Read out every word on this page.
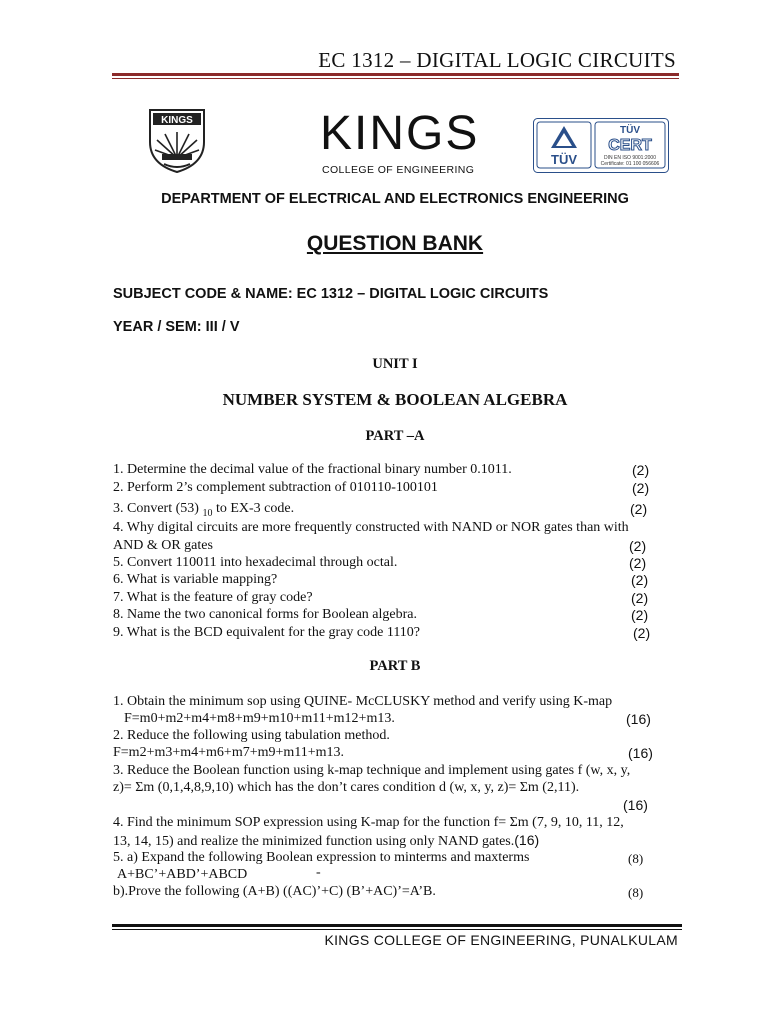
EC 1312 – DIGITAL LOGIC CIRCUITS
KINGS	KINGS
COLLEGE OF ENGINEERING
TÜV
TÜV
CERT
DIN EN ISO 9001:2000
Certificate: 01 100 056606
DEPARTMENT OF ELECTRICAL AND ELECTRONICS ENGINEERING
QUESTION BANK
SUBJECT CODE & NAME: EC 1312 – DIGITAL LOGIC CIRCUITS
YEAR / SEM: III / V
UNIT I
NUMBER SYSTEM & BOOLEAN ALGEBRA
PART –A
1. Determine the decimal value of the fractional binary number 0.1011.	(2)
2. Perform 2’s complement subtraction of 010110-100101	(2)
3. Convert (53) $_{10}$ to EX-3 code.	(2)
4. Why digital circuits are more frequently constructed with NAND or NOR gates than with
AND & OR gates	(2)
5. Convert 110011 into hexadecimal through octal.	(2)
6. What is variable mapping?	(2)
7. What is the feature of gray code?	(2)
8. Name the two canonical forms for Boolean algebra.	(2)
9. What is the BCD equivalent for the gray code 1110?	(2)
PART B
1. Obtain the minimum sop using QUINE- McCLUSKY method and verify using K-map
F=m0+m2+m4+m8+m9+m10+m11+m12+m13.	(16)
2. Reduce the following using tabulation method.
F=m2+m3+m4+m6+m7+m9+m11+m13.	(16)
3. Reduce the Boolean function using k-map technique and implement using gates f (w, x, y,
z)= Σm (0,1,4,8,9,10) which has the don’t cares condition d (w, x, y, z)= Σm (2,11).
(16)
4. Find the minimum SOP expression using K-map for the function f= Σm (7, 9, 10, 11, 12,
13, 14, 15) and realize the minimized function using only NAND gates.(16)
5. a) Expand the following Boolean expression to minterms and maxterms	(8)
A+BC’+ABD’+ABCD	-
b).Prove the following (A+B) ((AC)’+C) (B’+AC)’=A’B.	(8)
KINGS COLLEGE OF ENGINEERING, PUNALKULAM
